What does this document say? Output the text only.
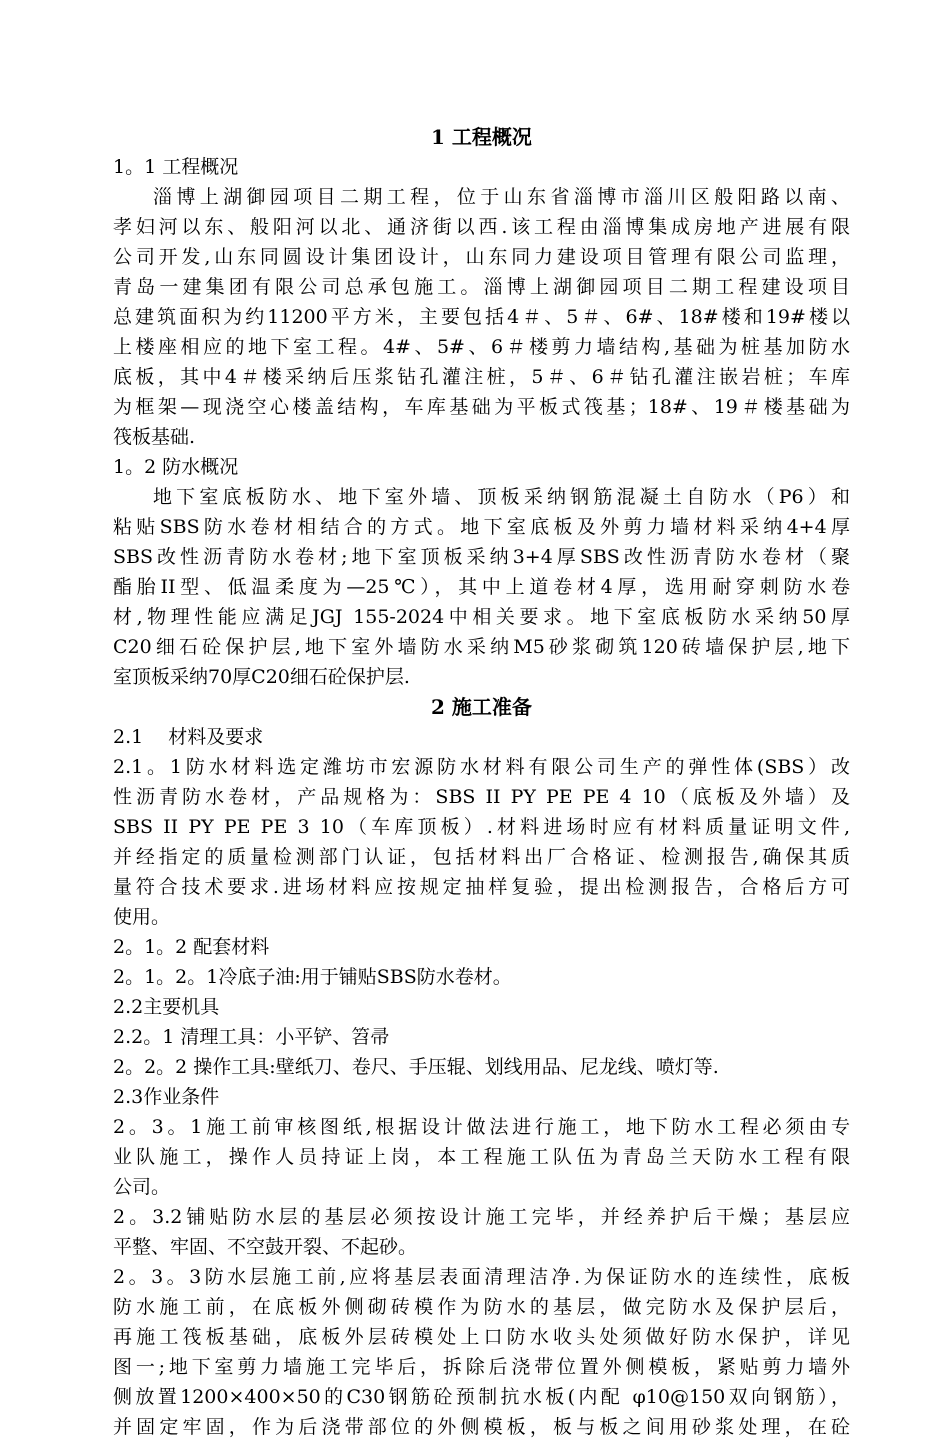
1 工程概况
1。1 工程概况
淄博上湖御园项目二期工程，位于山东省淄博市淄川区般阳路以南、
孝妇河以东、般阳河以北、通济街以西.该工程由淄博集成房地产进展有限
公司开发,山东同圆设计集团设计，山东同力建设项目管理有限公司监理，
青岛一建集团有限公司总承包施工。淄博上湖御园项目二期工程建设项目
总建筑面积为约11200平方米，主要包括4＃、5＃、6#、18#楼和19#楼以
上楼座相应的地下室工程。4#、5#、6＃楼剪力墙结构,基础为桩基加防水
底板，其中4＃楼采纳后压浆钻孔灌注桩，5＃、6＃钻孔灌注嵌岩桩；车库
为框架—现浇空心楼盖结构，车库基础为平板式筏基；18#、19＃楼基础为
筏板基础.
1。2 防水概况
地下室底板防水、地下室外墙、顶板采纳钢筋混凝土自防水（P6）和
粘贴SBS防水卷材相结合的方式。地下室底板及外剪力墙材料采纳4+4厚
SBS改性沥青防水卷材;地下室顶板采纳3+4厚SBS改性沥青防水卷材（聚
酯胎II型、低温柔度为—25℃），其中上道卷材4厚，选用耐穿刺防水卷
材,物理性能应满足JGJ 155-2024中相关要求。地下室底板防水采纳50厚
C20细石砼保护层,地下室外墙防水采纳M5砂浆砌筑120砖墙保护层,地下
室顶板采纳70厚C20细石砼保护层.
2 施工准备
2.1　 材料及要求
2.1。1防水材料选定潍坊市宏源防水材料有限公司生产的弹性体(SBS）改
性沥青防水卷材，产品规格为：SBS II PY PE PE 4 10（底板及外墙）及
SBS II PY PE PE 3 10（车库顶板）.材料进场时应有材料质量证明文件,
并经指定的质量检测部门认证，包括材料出厂合格证、检测报告,确保其质
量符合技术要求.进场材料应按规定抽样复验，提出检测报告，合格后方可
使用。
2。1。2 配套材料
2。1。2。1冷底子油:用于铺贴SBS防水卷材。
2.2主要机具
2.2。1 清理工具：小平铲、笤帚
2。2。2 操作工具:壁纸刀、卷尺、手压辊、划线用品、尼龙线、喷灯等.
2.3作业条件
2。3。1施工前审核图纸,根据设计做法进行施工，地下防水工程必须由专
业队施工，操作人员持证上岗，本工程施工队伍为青岛兰天防水工程有限
公司。
2。3.2铺贴防水层的基层必须按设计施工完毕，并经养护后干燥；基层应
平整、牢固、不空鼓开裂、不起砂。
2。3。3防水层施工前,应将基层表面清理洁净.为保证防水的连续性，底板
防水施工前，在底板外侧砌砖模作为防水的基层，做完防水及保护层后，
再施工筏板基础，底板外层砖模处上口防水收头处须做好防水保护，详见
图一;地下室剪力墙施工完毕后，拆除后浇带位置外侧模板，紧贴剪力墙外
侧放置1200×400×50的C30钢筋砼预制抗水板(内配 φ10@150双向钢筋），
并固定牢固，作为后浇带部位的外侧模板，板与板之间用砂浆处理，在砼
